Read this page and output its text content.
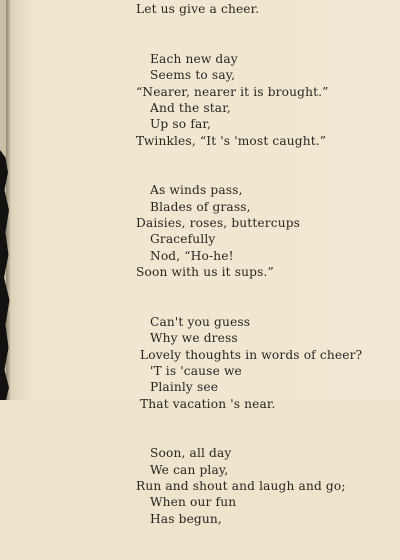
Let us give a cheer.
Each new day
Seems to say,
“Nearer, nearer it is brought.”
And the star,
Up so far,
Twinkles, “It 's 'most caught.”
As winds pass,
Blades of grass,
Daisies, roses, buttercups
Gracefully
Nod, “Ho-he!
Soon with us it sups.”
Can't you guess
Why we dress
Lovely thoughts in words of cheer?
'T is 'cause we
Plainly see
That vacation 's near.
Soon, all day
We can play,
Run and shout and laugh and go;
When our fun
Has begun,
